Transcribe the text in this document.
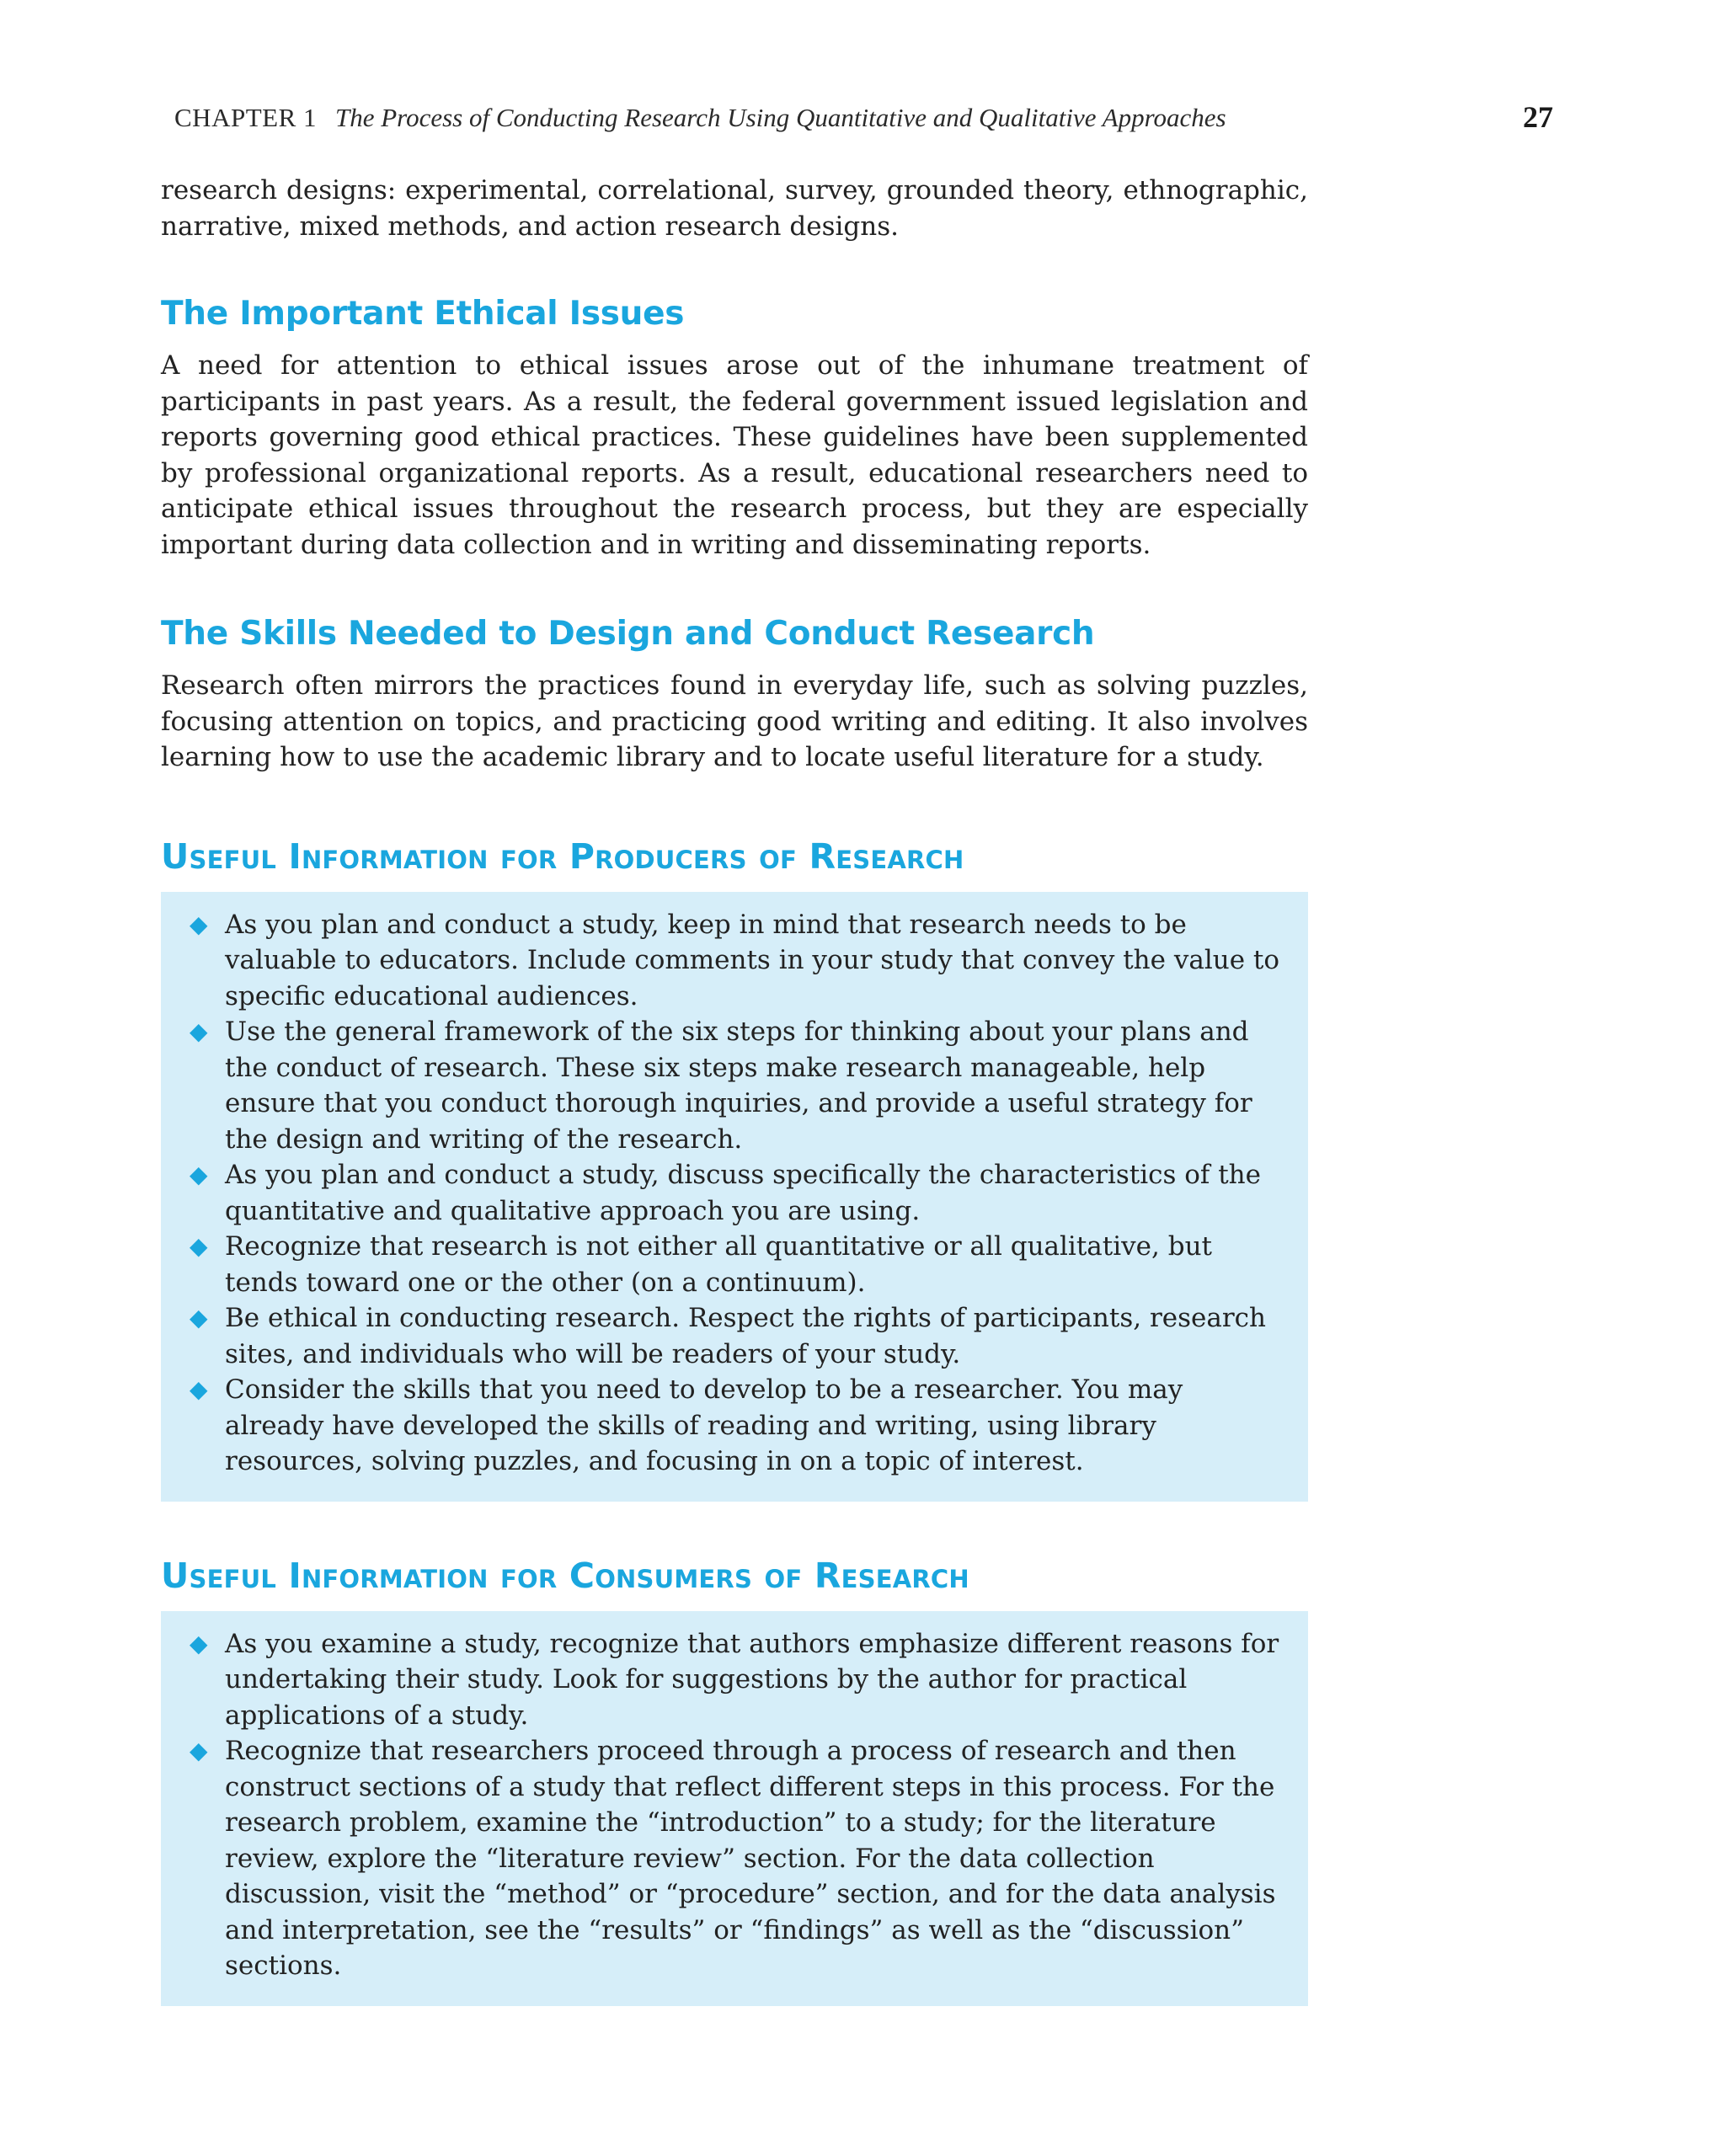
CHAPTER 1 The Process of Conducting Research Using Quantitative and Qualitative Approaches	27

research designs: experimental, correlational, survey, grounded theory, ethnographic, narrative, mixed methods, and action research designs.

The Important Ethical Issues

A need for attention to ethical issues arose out of the inhumane treatment of participants in past years. As a result, the federal government issued legislation and reports governing good ethical practices. These guidelines have been supplemented by professional organizational reports. As a result, educational researchers need to anticipate ethical issues throughout the research process, but they are especially important during data collection and in writing and disseminating reports.

The Skills Needed to Design and Conduct Research

Research often mirrors the practices found in everyday life, such as solving puzzles, focusing attention on topics, and practicing good writing and editing. It also involves learning how to use the academic library and to locate useful literature for a study.

Useful Information for Producers of Research
◆ As you plan and conduct a study, keep in mind that research needs to be valuable to educators. Include comments in your study that convey the value to specific educational audiences.
◆ Use the general framework of the six steps for thinking about your plans and the conduct of research. These six steps make research manageable, help ensure that you conduct thorough inquiries, and provide a useful strategy for the design and writing of the research.
◆ As you plan and conduct a study, discuss specifically the characteristics of the quantitative and qualitative approach you are using.
◆ Recognize that research is not either all quantitative or all qualitative, but tends toward one or the other (on a continuum).
◆ Be ethical in conducting research. Respect the rights of participants, research sites, and individuals who will be readers of your study.
◆ Consider the skills that you need to develop to be a researcher. You may already have developed the skills of reading and writing, using library resources, solving puzzles, and focusing in on a topic of interest.
Useful Information for Consumers of Research
◆ As you examine a study, recognize that authors emphasize different reasons for undertaking their study. Look for suggestions by the author for practical applications of a study.
◆ Recognize that researchers proceed through a process of research and then construct sections of a study that reflect different steps in this process. For the research problem, examine the “introduction” to a study; for the literature review, explore the “literature review” section. For the data collection discussion, visit the “method” or “procedure” section, and for the data analysis and interpretation, see the “results” or “findings” as well as the “discussion” sections.
